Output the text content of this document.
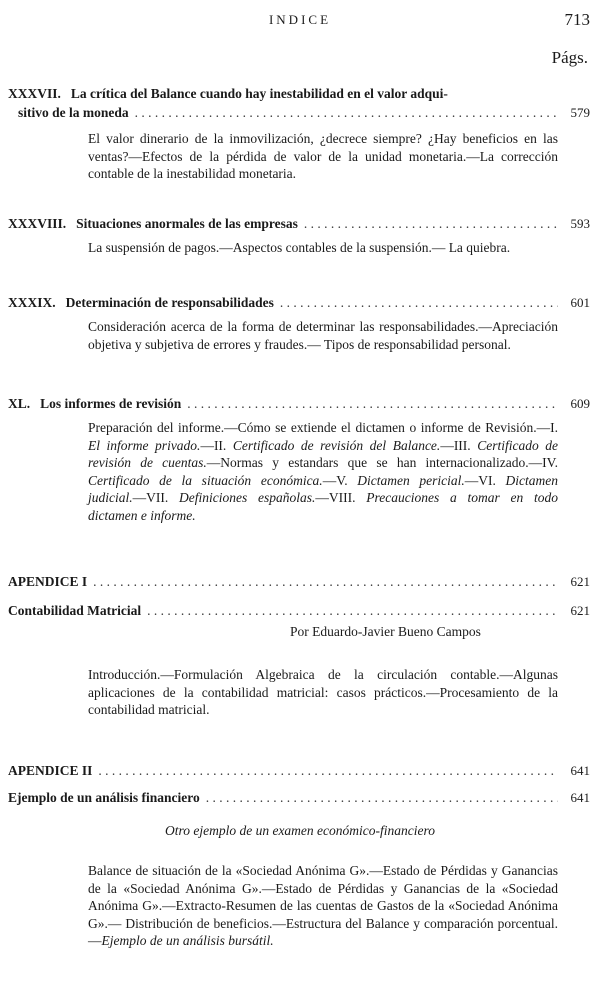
INDICE	713
Págs.
XXXVII. La crítica del Balance cuando hay inestabilidad en el valor adqui-
sitivo de la moneda . . .	579
El valor dinerario de la inmovilización, ¿decrece siempre? ¿Hay beneficios en las ventas?—Efectos de la pérdida de valor de la unidad monetaria.—La corrección contable de la inestabilidad monetaria.
XXXVIII. Situaciones anormales de las empresas . . .	593
La suspensión de pagos.—Aspectos contables de la suspensión.— La quiebra.
XXXIX. Determinación de responsabilidades . . .	601
Consideración acerca de la forma de determinar las responsabilidades.—Apreciación objetiva y subjetiva de errores y fraudes.— Tipos de responsabilidad personal.
XL. Los informes de revisión . . .	609
Preparación del informe.—Cómo se extiende el dictamen o informe de Revisión.—I. El informe privado.—II. Certificado de revisión del Balance.—III. Certificado de revisión de cuentas.—Normas y estandars que se han internacionalizado.—IV. Certificado de la situación económica.—V. Dictamen pericial.—VI. Dictamen judicial.—VII. Definiciones españolas.—VIII. Precauciones a tomar en todo dictamen e informe.
APENDICE I . . .	621
Contabilidad Matricial . . .	621
Por Eduardo-Javier Bueno Campos
Introducción.—Formulación Algebraica de la circulación contable.—Algunas aplicaciones de la contabilidad matricial: casos prácticos.—Procesamiento de la contabilidad matricial.
APENDICE II . . .	641
Ejemplo de un análisis financiero . . .	641
Otro ejemplo de un examen económico-financiero
Balance de situación de la «Sociedad Anónima G».—Estado de Pérdidas y Ganancias de la «Sociedad Anónima G».—Estado de Pérdidas y Ganancias de la «Sociedad Anónima G».—Extracto-Resumen de las cuentas de Gastos de la «Sociedad Anónima G».— Distribución de beneficios.—Estructura del Balance y comparación porcentual.—Ejemplo de un análisis bursátil.
